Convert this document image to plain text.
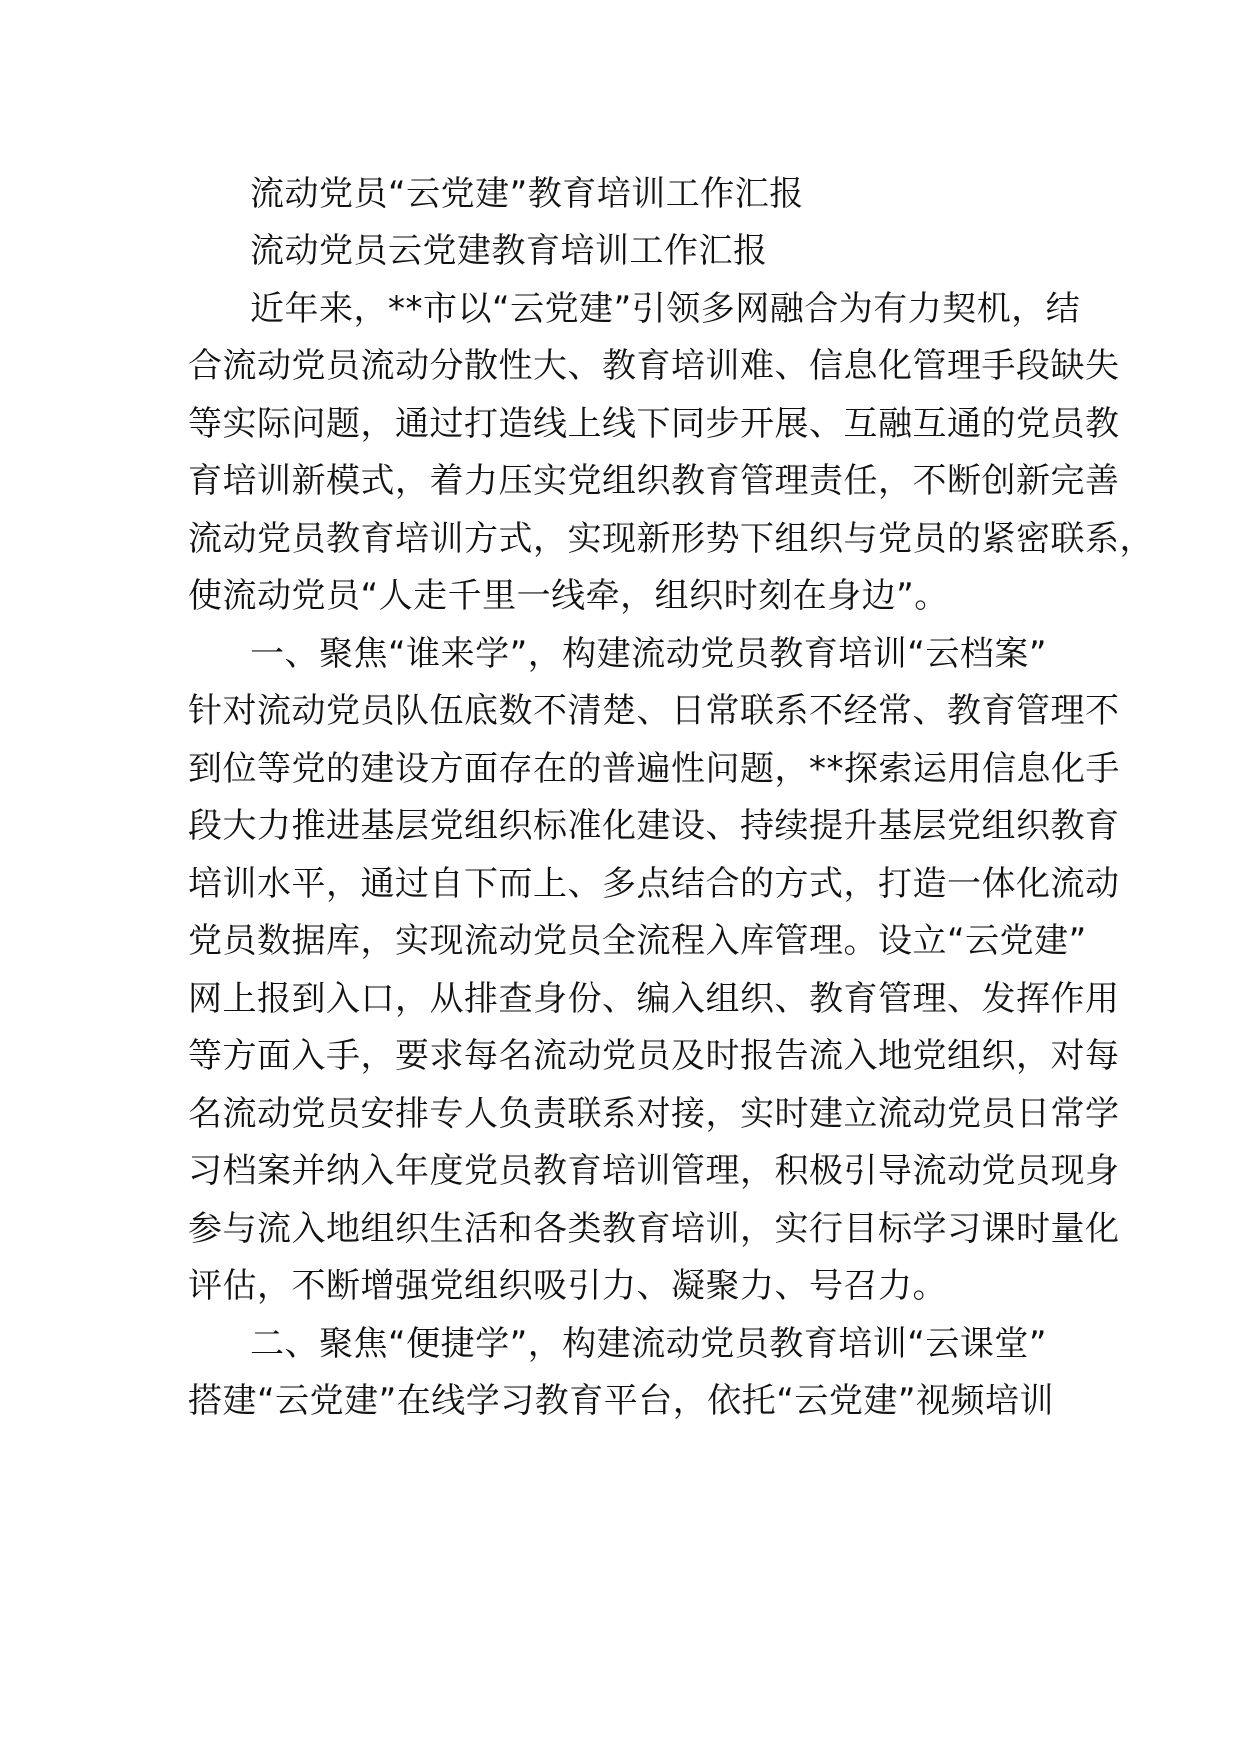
流动党员“云党建”教育培训工作汇报
流动党员云党建教育培训工作汇报
近年来，**市以“云党建”引领多网融合为有力契机，结
合流动党员流动分散性大、教育培训难、信息化管理手段缺失
等实际问题，通过打造线上线下同步开展、互融互通的党员教
育培训新模式，着力压实党组织教育管理责任，不断创新完善
流动党员教育培训方式，实现新形势下组织与党员的紧密联系，
使流动党员“人走千里一线牵，组织时刻在身边”。
一、聚焦“谁来学”，构建流动党员教育培训“云档案”
针对流动党员队伍底数不清楚、日常联系不经常、教育管理不
到位等党的建设方面存在的普遍性问题，**探索运用信息化手
段大力推进基层党组织标准化建设、持续提升基层党组织教育
培训水平，通过自下而上、多点结合的方式，打造一体化流动
党员数据库，实现流动党员全流程入库管理。设立“云党建”
网上报到入口，从排查身份、编入组织、教育管理、发挥作用
等方面入手，要求每名流动党员及时报告流入地党组织，对每
名流动党员安排专人负责联系对接，实时建立流动党员日常学
习档案并纳入年度党员教育培训管理，积极引导流动党员现身
参与流入地组织生活和各类教育培训，实行目标学习课时量化
评估，不断增强党组织吸引力、凝聚力、号召力。
二、聚焦“便捷学”，构建流动党员教育培训“云课堂”
搭建“云党建”在线学习教育平台，依托“云党建”视频培训
